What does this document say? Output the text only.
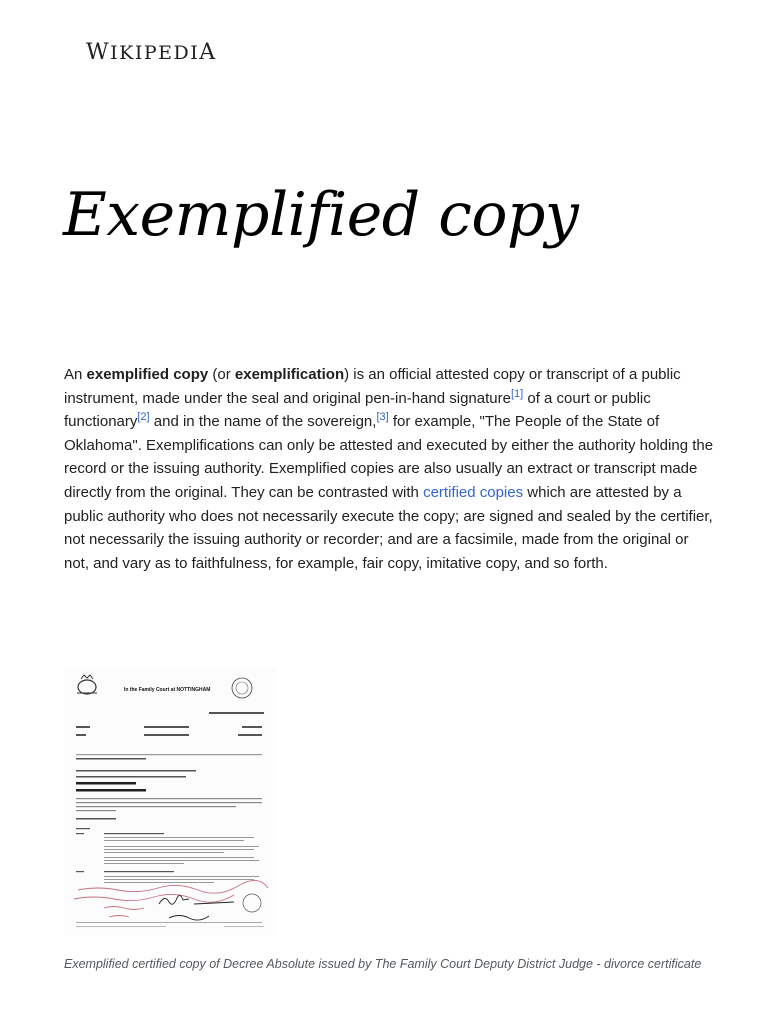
WIKIPEDIA
Exemplified copy

An exemplified copy (or exemplification) is an official attested copy or transcript of a public instrument, made under the seal and original pen-in-hand signature[1] of a court or public functionary[2] and in the name of the sovereign,[3] for example, "The People of the State of Oklahoma". Exemplifications can only be attested and executed by either the authority holding the record or the issuing authority. Exemplified copies are also usually an extract or transcript made directly from the original. They can be contrasted with certified copies which are attested by a public authority who does not necessarily execute the copy; are signed and sealed by the certifier, not necessarily the issuing authority or recorder; and are a facsimile, made from the original or not, and vary as to faithfulness, for example, fair copy, imitative copy, and so forth.

In the Family Court at NOTTINGHAM
Exemplified certified copy of Decree Absolute issued by The Family Court Deputy District Judge - divorce certificate
